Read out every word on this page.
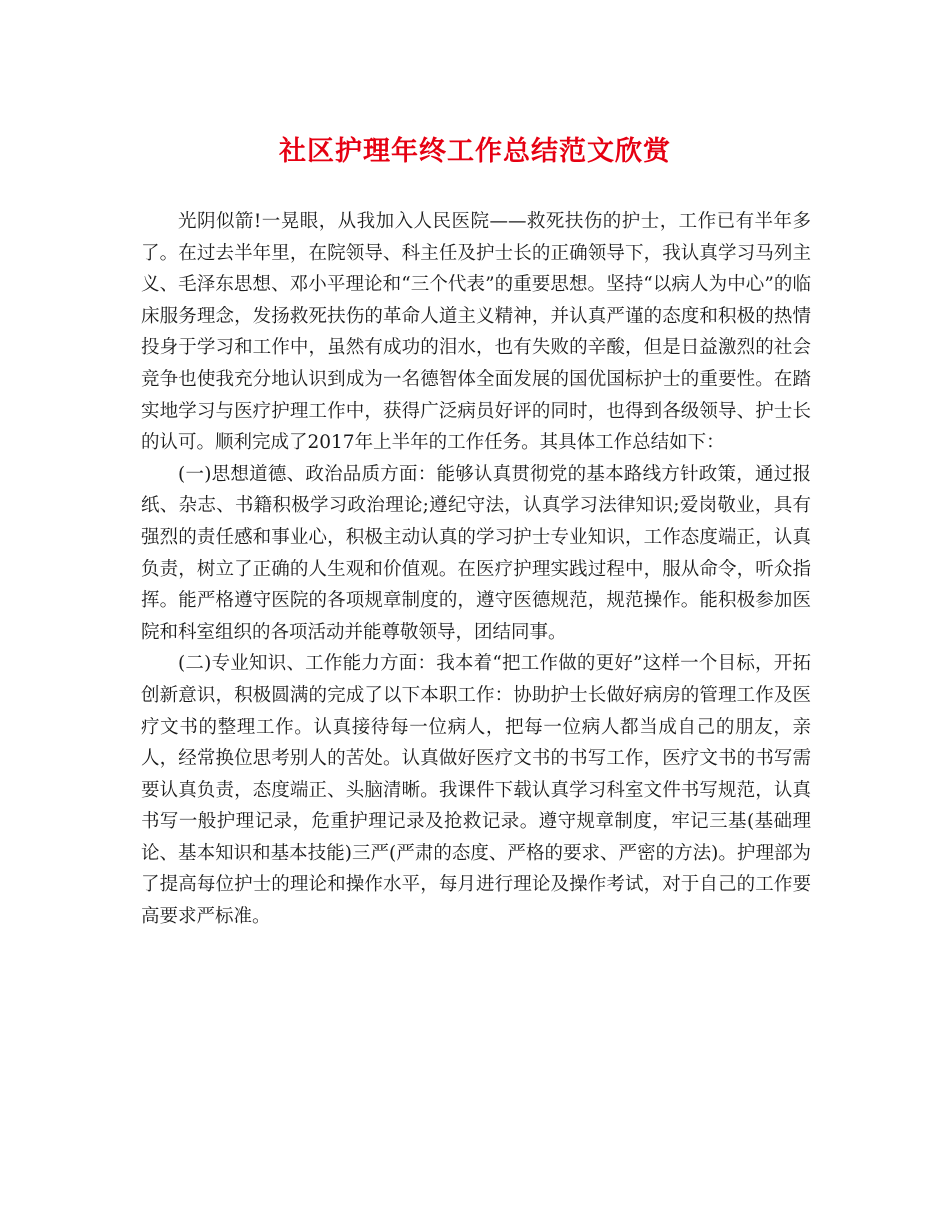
社区护理年终工作总结范文欣赏

光阴似箭!一晃眼，从我加入人民医院——救死扶伤的护士，工作已有半年多了。在过去半年里，在院领导、科主任及护士长的正确领导下，我认真学习马列主义、毛泽东思想、邓小平理论和“三个代表”的重要思想。坚持“以病人为中心”的临床服务理念，发扬救死扶伤的革命人道主义精神，并认真严谨的态度和积极的热情投身于学习和工作中，虽然有成功的泪水，也有失败的辛酸，但是日益激烈的社会竞争也使我充分地认识到成为一名德智体全面发展的国优国标护士的重要性。在踏实地学习与医疗护理工作中，获得广泛病员好评的同时，也得到各级领导、护士长的认可。顺利完成了2017年上半年的工作任务。其具体工作总结如下：

(一)思想道德、政治品质方面：能够认真贯彻党的基本路线方针政策，通过报纸、杂志、书籍积极学习政治理论;遵纪守法，认真学习法律知识;爱岗敬业，具有强烈的责任感和事业心，积极主动认真的学习护士专业知识，工作态度端正，认真负责，树立了正确的人生观和价值观。在医疗护理实践过程中，服从命令，听众指挥。能严格遵守医院的各项规章制度的，遵守医德规范，规范操作。能积极参加医院和科室组织的各项活动并能尊敬领导，团结同事。

(二)专业知识、工作能力方面：我本着“把工作做的更好”这样一个目标，开拓创新意识，积极圆满的完成了以下本职工作：协助护士长做好病房的管理工作及医疗文书的整理工作。认真接待每一位病人，把每一位病人都当成自己的朋友，亲人，经常换位思考别人的苦处。认真做好医疗文书的书写工作，医疗文书的书写需要认真负责，态度端正、头脑清晰。我课件下载认真学习科室文件书写规范，认真书写一般护理记录，危重护理记录及抢救记录。遵守规章制度，牢记三基(基础理论、基本知识和基本技能)三严(严肃的态度、严格的要求、严密的方法)。护理部为了提高每位护士的理论和操作水平，每月进行理论及操作考试，对于自己的工作要高要求严标准。
